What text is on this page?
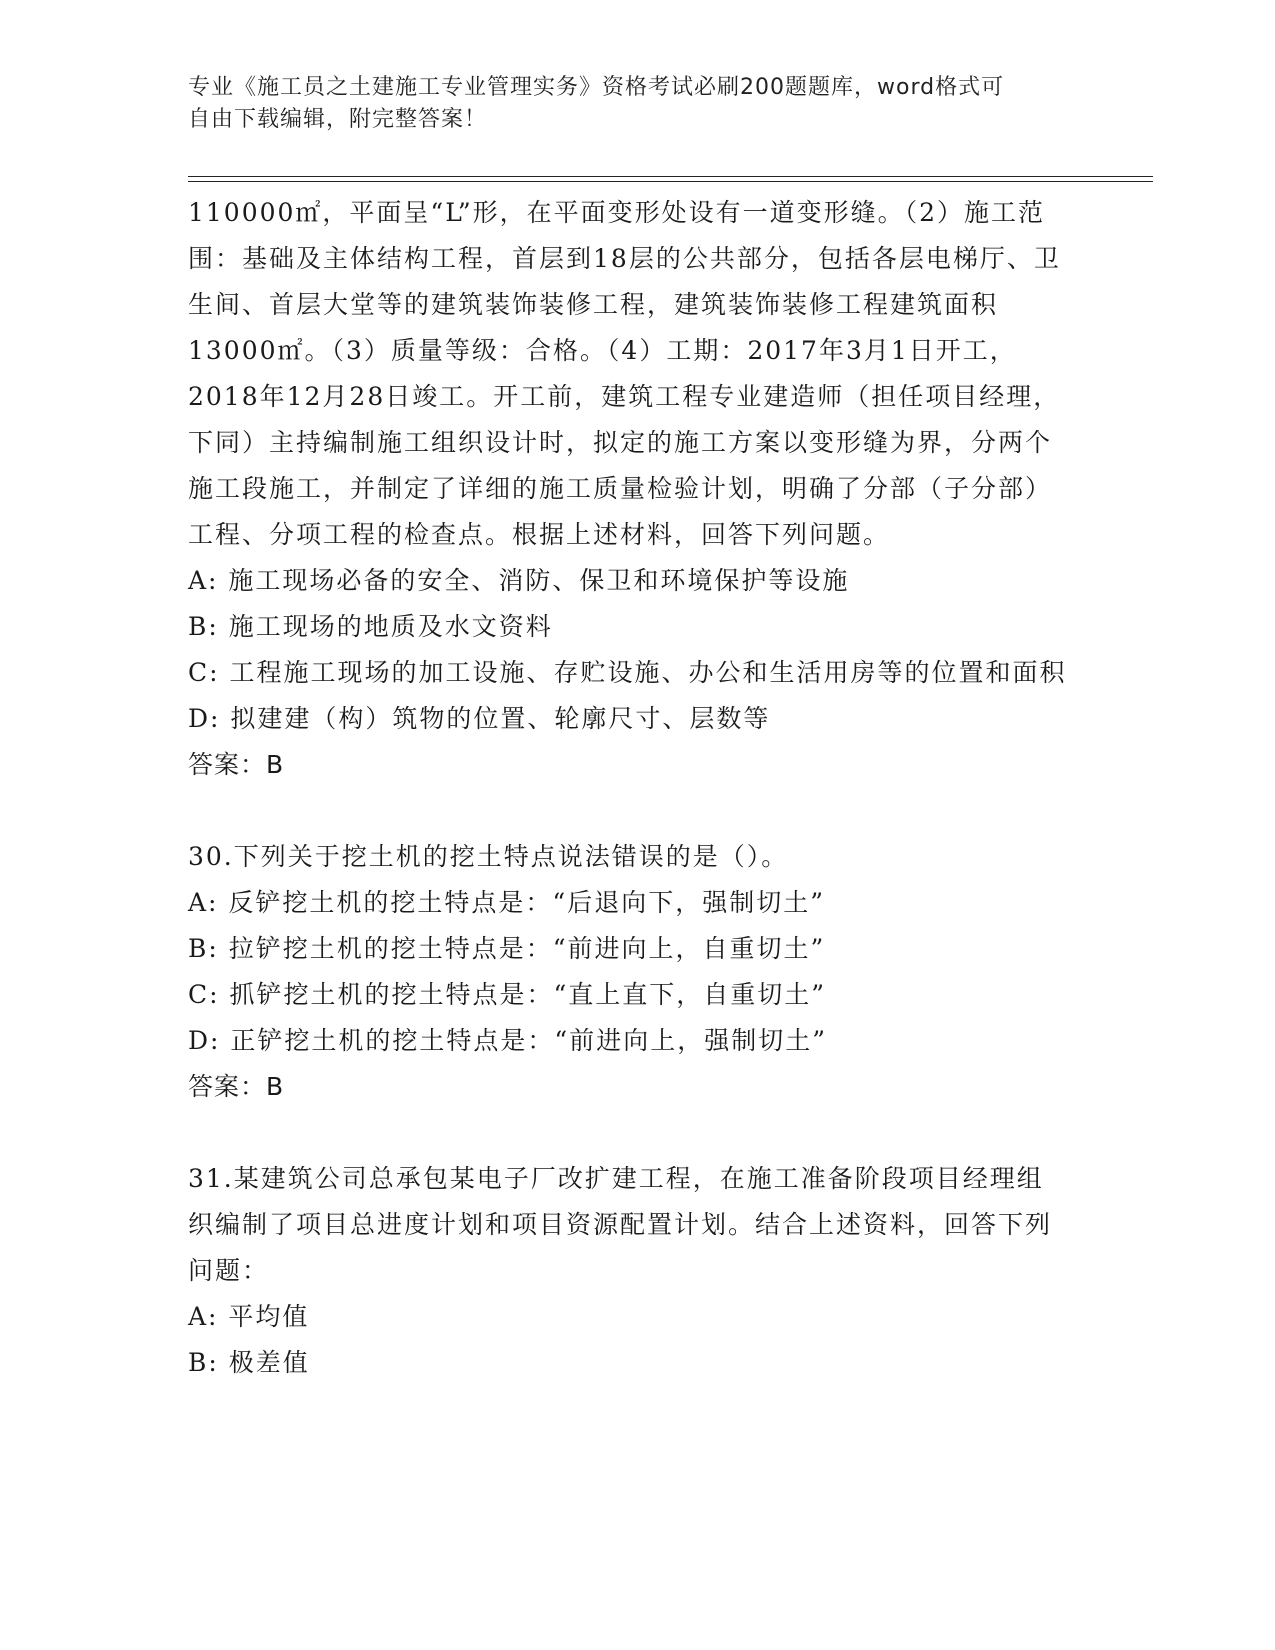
专业《施工员之土建施工专业管理实务》资格考试必刷200题题库，word格式可
自由下载编辑，附完整答案！

110000㎡，平面呈“L”形，在平面变形处设有一道变形缝。（2）施工范围：基础及主体结构工程，首层到18层的公共部分，包括各层电梯厅、卫生间、首层大堂等的建筑装饰装修工程，建筑装饰装修工程建筑面积13000㎡。（3）质量等级：合格。（4）工期：2017年3月1日开工，2018年12月28日竣工。开工前，建筑工程专业建造师（担任项目经理，下同）主持编制施工组织设计时，拟定的施工方案以变形缝为界，分两个施工段施工，并制定了详细的施工质量检验计划，明确了分部（子分部）工程、分项工程的检查点。根据上述材料，回答下列问题。

A: 施工现场必备的安全、消防、保卫和环境保护等设施

B: 施工现场的地质及水文资料

C: 工程施工现场的加工设施、存贮设施、办公和生活用房等的位置和面积

D: 拟建建（构）筑物的位置、轮廓尺寸、层数等

答案：B

30.下列关于挖土机的挖土特点说法错误的是（）。

A: 反铲挖土机的挖土特点是：“后退向下，强制切土”

B: 拉铲挖土机的挖土特点是：“前进向上，自重切土”

C: 抓铲挖土机的挖土特点是：“直上直下，自重切土”

D: 正铲挖土机的挖土特点是：“前进向上，强制切土”

答案：B

31.某建筑公司总承包某电子厂改扩建工程，在施工准备阶段项目经理组织编制了项目总进度计划和项目资源配置计划。结合上述资料，回答下列问题：

A: 平均值

B: 极差值
